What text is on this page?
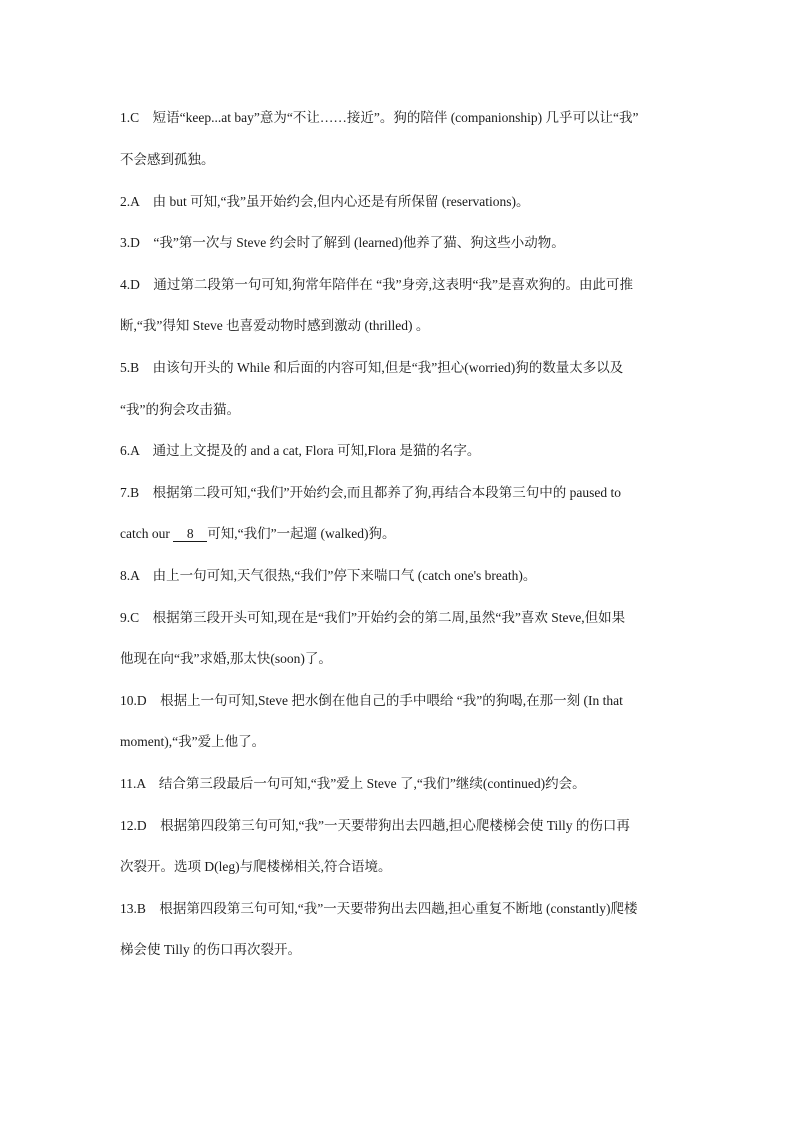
1.C　短语“keep...at bay”意为“不让……接近”。狗的陪伴 (companionship) 几乎可以让“我”
不会感到孤独。
2.A　由 but 可知,“我”虽开始约会,但内心还是有所保留 (reservations)。
3.D　“我”第一次与 Steve 约会时了解到 (learned)他养了猫、狗这些小动物。
4.D　通过第二段第一句可知,狗常年陪伴在 “我”身旁,这表明“我”是喜欢狗的。由此可推
断,“我”得知 Steve 也喜爱动物时感到激动 (thrilled) 。
5.B　由该句开头的 While 和后面的内容可知,但是“我”担心(worried)狗的数量太多以及
“我”的狗会攻击猫。
6.A　通过上文提及的 and a cat, Flora 可知,Flora 是猫的名字。
7.B　根据第二段可知,“我们”开始约会,而且都养了狗,再结合本段第三句中的 paused to
catch our 8 可知,“我们”一起遛 (walked)狗。
8.A　由上一句可知,天气很热,“我们”停下来喘口气 (catch one's breath)。
9.C　根据第三段开头可知,现在是“我们”开始约会的第二周,虽然“我”喜欢 Steve,但如果
他现在向“我”求婚,那太快(soon)了。
10.D　根据上一句可知,Steve 把水倒在他自己的手中喂给 “我”的狗喝,在那一刻 (In that
moment),“我”爱上他了。
11.A　结合第三段最后一句可知,“我”爱上 Steve 了,“我们”继续(continued)约会。
12.D　根据第四段第三句可知,“我”一天要带狗出去四趟,担心爬楼梯会使 Tilly 的伤口再
次裂开。选项 D(leg)与爬楼梯相关,符合语境。
13.B　根据第四段第三句可知,“我”一天要带狗出去四趟,担心重复不断地 (constantly)爬楼
梯会使 Tilly 的伤口再次裂开。
